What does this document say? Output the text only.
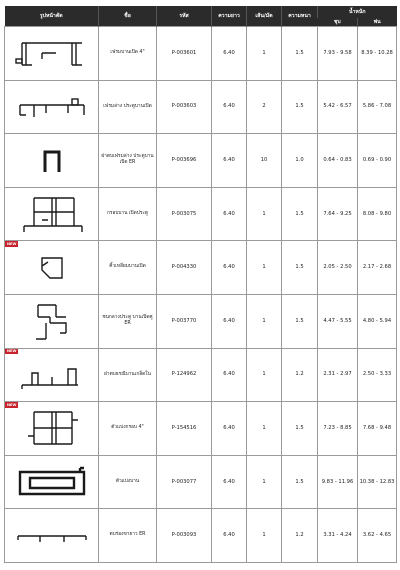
รูปหน้าตัด	ชื่อ	รหัส	ความยาว	เส้น/มัด	ความหนา	น้ำหนัก	
						ชุบ	พ่น

	เฟรมบานเปิด 4"	P-003601	6.40	1	1.5	7.93 - 9.58	8.39 - 10.28

	เฟรมล่าง ประตูบานเปิด	P-003603	6.40	2	1.5	5.42 - 6.57	5.86 - 7.08

	ฝาตบเฟรมล่าง ประตูบานเปิด ER	P-003696	6.40	10	1.0	0.64 - 0.83	0.69 - 0.90

	กรอบบาน เปิดประตู	P-003075	6.40	1	1.5	7.64 - 9.25	8.08 - 9.80

NEW	คิ้วเหลี่ยมบานเปิด	P-004330	6.40	1	1.5	2.05 - 2.50	2.17 - 2.68

	ชนกลางประตู บานเปิดคู่ ER	P-003770	6.40	1	1.5	4.47 - 5.55	4.80 - 5.94

NEW	ฝาตบธรณีบานเกล็ดใน	P-124962	6.40	1	1.2	2.31 - 2.97	2.50 - 3.33

NEW	ตัวแบ่งกรอบ 4"	P-154516	6.40	1	1.5	7.23 - 8.85	7.68 - 9.48

	ตัวแบ่งบาน	P-003077	6.40	1	1.5	9.83 - 11.96	10.38 - 12.83

	ตบร่องขายาว ER	P-003093	6.40	1	1.2	3.31 - 4.24	3.62 - 4.65
